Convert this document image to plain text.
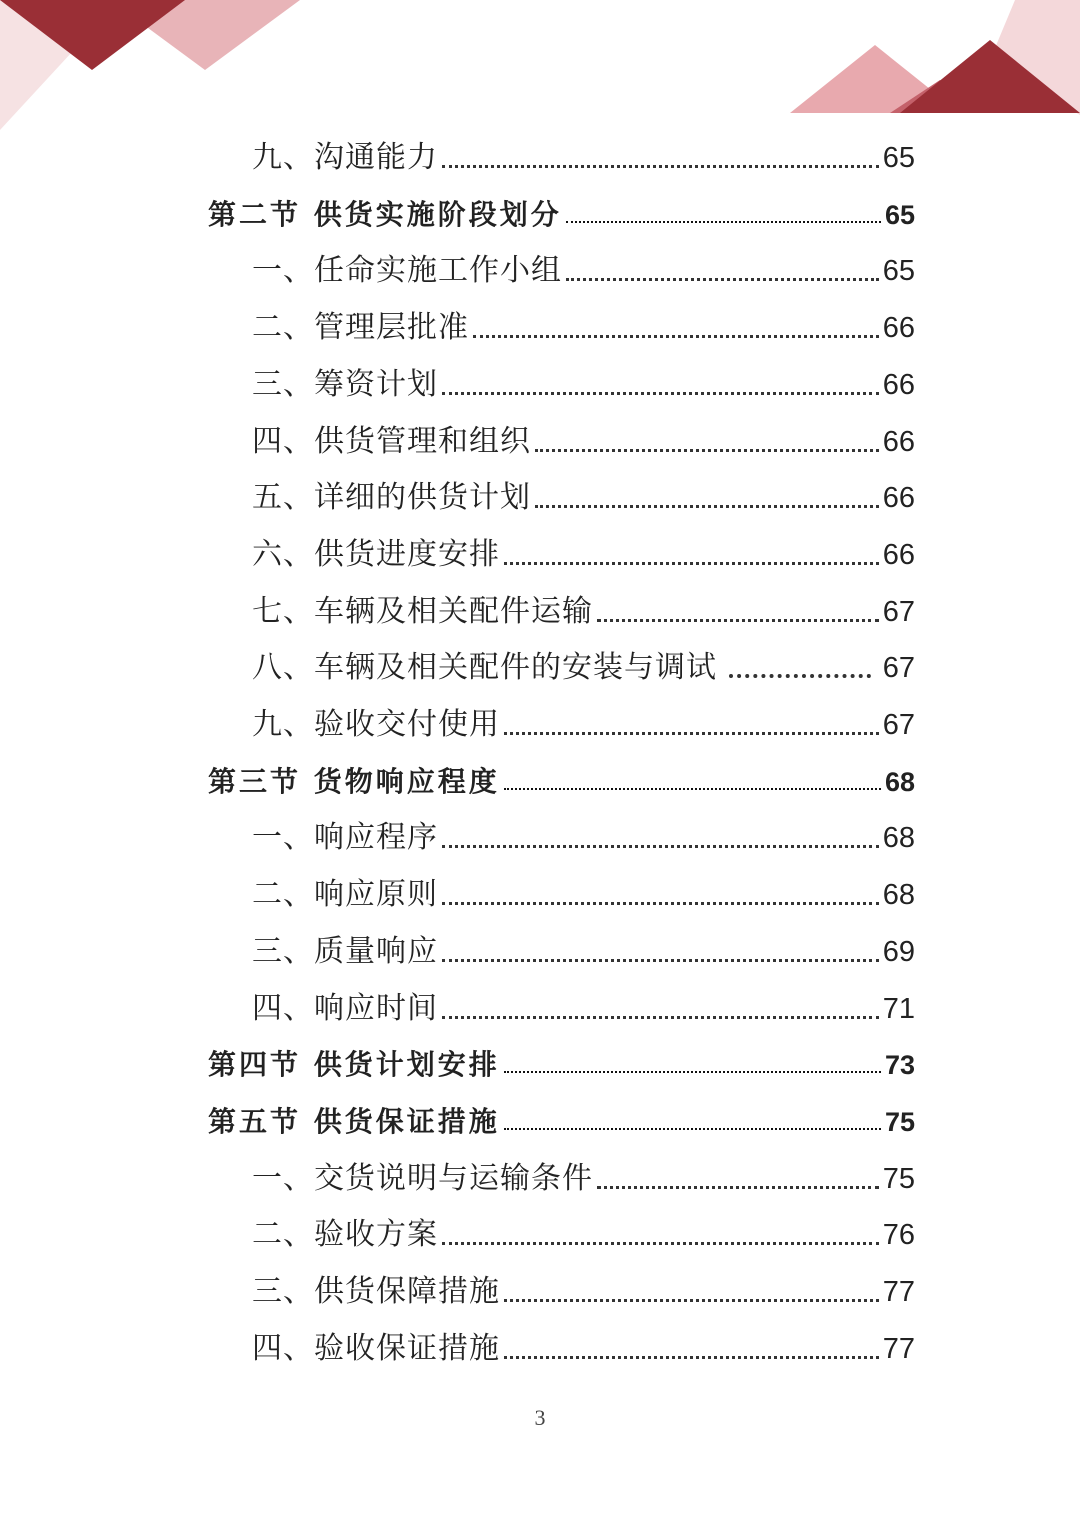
九、沟通能力	65
第二节 供货实施阶段划分	65
一、任命实施工作小组	65
二、管理层批准	66
三、筹资计划	66
四、供货管理和组织	66
五、详细的供货计划	66
六、供货进度安排	66
七、车辆及相关配件运输	67
八、车辆及相关配件的安装与调试	67
九、验收交付使用	67
第三节 货物响应程度	68
一、响应程序	68
二、响应原则	68
三、质量响应	69
四、响应时间	71
第四节 供货计划安排	73
第五节 供货保证措施	75
一、交货说明与运输条件	75
二、验收方案	76
三、供货保障措施	77
四、验收保证措施	77
3
